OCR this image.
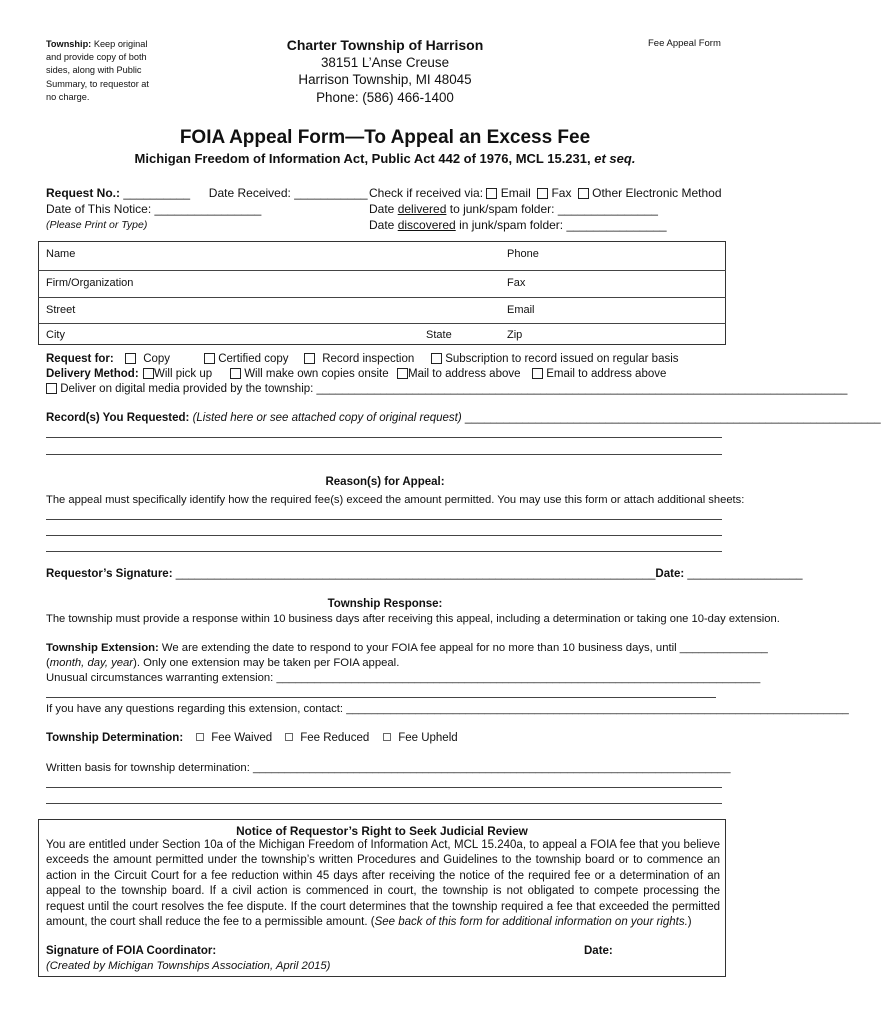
Township: Keep original and provide copy of both sides, along with Public Summary, to requestor at no charge.
Charter Township of Harrison
38151 L’Anse Creuse
Harrison Township, MI 48045
Phone: (586) 466-1400
Fee Appeal Form
FOIA Appeal Form—To Appeal an Excess Fee
Michigan Freedom of Information Act, Public Act 442 of 1976, MCL 15.231, et seq.
Request No.: __________ Date Received: ___________
Date of This Notice: ________________
(Please Print or Type)
Check if received via: Email Fax Other Electronic Method
Date delivered to junk/spam folder: _______________
Date discovered in junk/spam folder: _______________
Name	Phone
Firm/Organization	Fax
Street	Email
City	State	Zip
Request for:	Copy	Certified copy	Record inspection	Subscription to record issued on regular basis
Delivery Method:	Will pick up	Will make own copies onsite	Mail to address above	Email to address above
Deliver on digital media provided by the township: ___________________________________________________________________________________
Record(s) You Requested: (Listed here or see attached copy of original request) _________________________________________________________________
Reason(s) for Appeal:
The appeal must specifically identify how the required fee(s) exceed the amount permitted. You may use this form or attach additional sheets:
Requestor’s Signature: ___________________________________________________________________________Date: __________________
Township Response:
The township must provide a response within 10 business days after receiving this appeal, including a determination or taking one 10-day extension.
Township Extension: We are extending the date to respond to your FOIA fee appeal for no more than 10 business days, until ______________
(month, day, year). Only one extension may be taken per FOIA appeal.
Unusual circumstances warranting extension: _____________________________________________________________________________
If you have any questions regarding this extension, contact: ________________________________________________________________________________
Township Determination:	Fee Waived	Fee Reduced	Fee Upheld
Written basis for township determination: ____________________________________________________________________________
Notice of Requestor’s Right to Seek Judicial Review
You are entitled under Section 10a of the Michigan Freedom of Information Act, MCL 15.240a, to appeal a FOIA fee that you believe exceeds the amount permitted under the township’s written Procedures and Guidelines to the township board or to commence an action in the Circuit Court for a fee reduction within 45 days after receiving the notice of the required fee or a determination of an appeal to the township board. If a civil action is commenced in court, the township is not obligated to compete processing the request until the court resolves the fee dispute. If the court determines that the township required a fee that exceeded the permitted amount, the court shall reduce the fee to a permissible amount. (See back of this form for additional information on your rights.)
Signature of FOIA Coordinator:	Date:
(Created by Michigan Townships Association, April 2015)
